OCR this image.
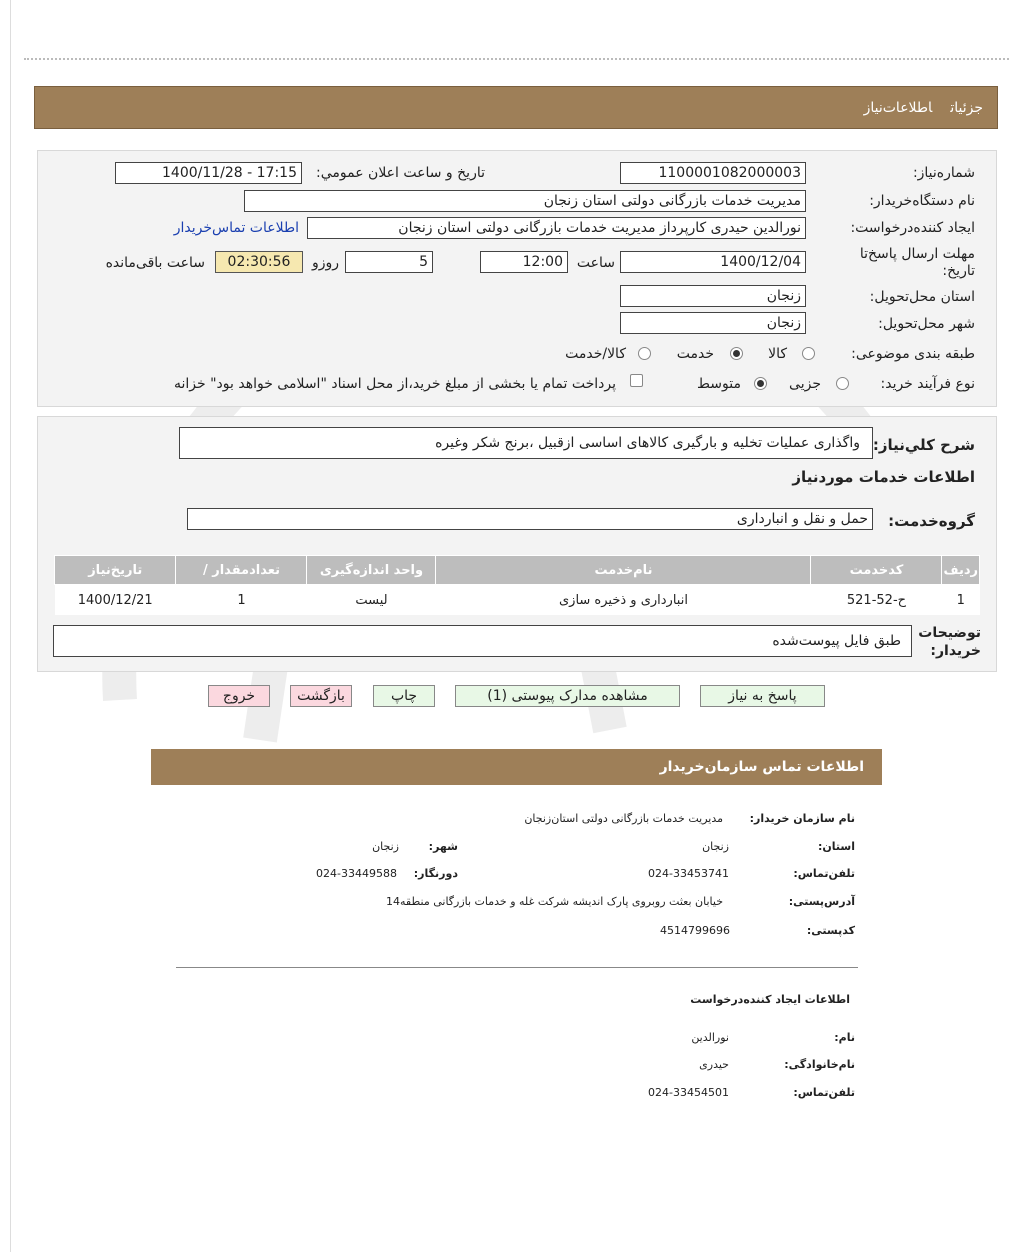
جزئیاتاطلاعات‌نیاز
شماره‌نیاز:
1100001082000003
تاریخ و ساعت اعلان عمومي:
1400/11/28 - 17:15
نام دستگاه‌خریدار:
مدیریت خدمات بازرگانی دولتی استان زنجان
ایجاد کننده‌درخواست:
نورالدین حیدری کارپرداز مدیریت خدمات بازرگانی دولتی استان زنجان
اطلاعات تماس‌خریدار
مهلت ارسال پاسخ‌تا تاریخ:
1400/12/04
ساعت
12:00
5
روزو
02:30:56
ساعت باقی‌مانده
استان محل‌تحویل:
زنجان
شهر محل‌تحویل:
زنجان
طبقه بندی موضوعی:
کالا
خدمت
کالا/خدمت
نوع فرآیند خرید:
جزیی
متوسط
پرداخت تمام یا بخشی از مبلغ خرید،از محل اسناد "اسلامی خواهد بود" خزانه
شرح کلي‌نیاز:
واگذاری عملیات تخلیه و بارگیری کالاهای اساسی ازقبیل ،برنج شکر وغیره
اطلاعات خدمات موردنیاز
گروه‌خدمت:
حمل و نقل و انبارداری
ردیف	کدخدمت	نام‌خدمت	واحد اندازه‌گیری	تعدادمقدار /	تاریخ‌نیاز
1	ح-52-521	انبارداری و ذخیره سازی	لیست	1	1400/12/21
توضیحات خریدار:
طبق فایل پیوست‌شده
پاسخ به نیاز
مشاهده مدارک پیوستی (1)
چاپ
بازگشت
خروج
اطلاعات تماس سازمان‌خریدار
نام سازمان خریدار:
مدیریت خدمات بازرگانی دولتی استان‌زنجان
استان:
زنجان
شهر:
زنجان
تلفن‌تماس:
024-33453741
دورنگار:
024-33449588
آدرس‌پستی:
خیابان بعثت روبروی پارک اندیشه شرکت غله و خدمات بازرگانی منطقه14
کدپستی:
4514799696
اطلاعات ایجاد کننده‌درخواست
نام:
نورالدین
نام‌خانوادگی:
حیدری
تلفن‌تماس:
024-33454501
